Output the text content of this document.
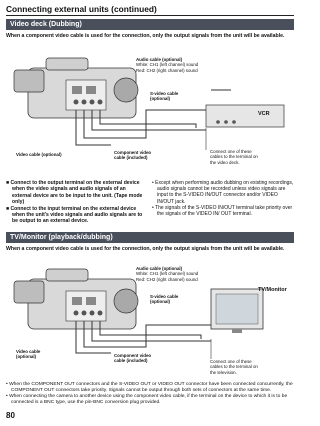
Connecting external units (continued)
Video deck (Dubbing)
When a component video cable is used for the connection, only the output signals from the unit will be available.
Audio cable (optional)
White: CH1 (left channel) sound
Red: CH2 (right channel) sound
S-video cable
(optional)
VCR
Video cable (optional)	Component video
cable (included)
Connect one of these
cables to the terminal on
the video deck.
■ Connect to the output terminal on the external device when the video signals and audio signals of an external device are to be input to the unit. (Tape mode only)
■ Connect to the input terminal on the external device when the unit's video signals and audio signals are to be output to an external device.
• Except when performing audio dubbing on existing recordings, audio signals cannot be recorded unless video signals are input to the S-VIDEO IN/OUT connector and/or VIDEO IN/OUT jack.
• The signals of the S-VIDEO IN/OUT terminal take priority over the signals of the VIDEO IN/ OUT terminal.
TV/Monitor (playback/dubbing)
When a component video cable is used for the connection, only the output signals from the unit will be available.
Audio cable (optional)
White: CH1 (left channel) sound
Red: CH2 (right channel) sound
S-video cable
(optional)
TV/Monitor
Video cable
(optional)	Component video
cable (included)	Connect one of these
cables to the terminal on
the television.
• When the COMPONENT OUT connectors and the S-VIDEO OUT or VIDEO OUT connector have been connected concurrently, the COMPONENT OUT connectors take priority. Signals cannot be output through both sets of connectors at the same time.
• When connecting the camera to another device using the component video cable, if the terminal on the device to which it is to be connected is a BNC type, use the pin-BNC conversion plug provided.
80
